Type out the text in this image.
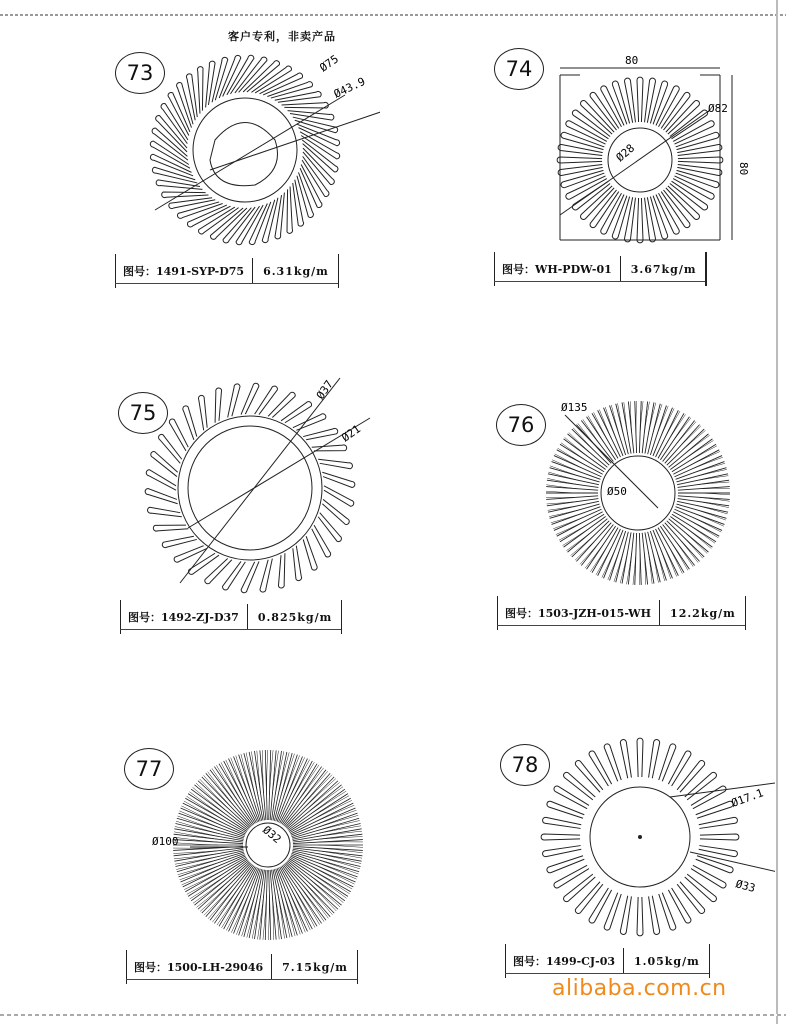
客户专利，非卖产品
73	Ø75
Ø43.9
图号：1491-SYP-D75	6.31kg/m
74	80
Ø82
Ø28
80
图号：WH-PDW-01	3.67kg/m
75
Ø37
Ø21
图号：1492-ZJ-D37	0.825kg/m
76
Ø135
Ø50
图号：1503-JZH-015-WH	12.2kg/m
77
Ø100	Ø32
图号：1500-LH-29046	7.15kg/m
78
Ø17.1
Ø33
图号：1499-CJ-03	1.05kg/m
alibaba.com.cn
